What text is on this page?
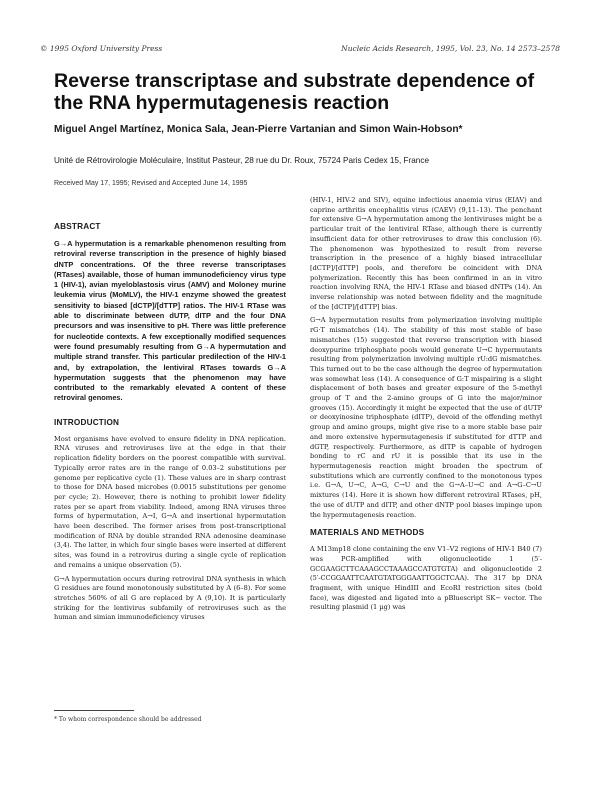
© 1995 Oxford University Press	Nucleic Acids Research, 1995, Vol. 23, No. 14 2573–2578
Reverse transcriptase and substrate dependence of the RNA hypermutagenesis reaction
Miguel Angel Martínez, Monica Sala, Jean-Pierre Vartanian and Simon Wain-Hobson*
Unité de Rétrovirologie Moléculaire, Institut Pasteur, 28 rue du Dr. Roux, 75724 Paris Cedex 15, France
Received May 17, 1995; Revised and Accepted June 14, 1995
ABSTRACT

G→A hypermutation is a remarkable phenomenon resulting from retroviral reverse transcription in the presence of highly biased dNTP concentrations. Of the three reverse transcriptases (RTases) available, those of human immunodeficiency virus type 1 (HIV-1), avian myeloblastosis virus (AMV) and Moloney murine leukemia virus (MoMLV), the HIV-1 enzyme showed the greatest sensitivity to biased [dCTP]/[dTTP] ratios. The HIV-1 RTase was able to discriminate between dUTP, dITP and the four DNA precursors and was insensitive to pH. There was little preference for nucleotide contexts. A few exceptionally modified sequences were found presumably resulting from G→A hypermutation and multiple strand transfer. This particular predilection of the HIV-1 and, by extrapolation, the lentiviral RTases towards G→A hypermutation suggests that the phenomenon may have contributed to the remarkably elevated A content of these retroviral genomes.

INTRODUCTION

Most organisms have evolved to ensure fidelity in DNA replication. RNA viruses and retroviruses live at the edge in that their replication fidelity borders on the poorest compatible with survival. Typically error rates are in the range of 0.03–2 substitutions per genome per replicative cycle (1). These values are in sharp contrast to those for DNA based microbes (0.0015 substitutions per genome per cycle; 2). However, there is nothing to prohibit lower fidelity rates per se apart from viability. Indeed, among RNA viruses three forms of hypermutation, A→I, G→A and insertional hypermutation have been described. The former arises from post-transcriptional modification of RNA by double stranded RNA adenosine deaminase (3,4). The latter, in which four single bases were inserted at different sites, was found in a retrovirus during a single cycle of replication and remains a unique observation (5).

G→A hypermutation occurs during retroviral DNA synthesis in which G residues are found monotonously substituted by A (6–8). For some stretches 560% of all G are replaced by A (9,10). It is particularly striking for the lentivirus subfamily of retroviruses such as the human and simian immunodeficiency viruses

(HIV-1, HIV-2 and SIV), equine infectious anaemia virus (EIAV) and caprine arthritis encephalitis virus (CAEV) (9,11–13). The penchant for extensive G→A hypermutation among the lentiviruses might be a particular trait of the lentiviral RTase, although there is currently insufficient data for other retroviruses to draw this conclusion (6). The phenomenon was hypothesized to result from reverse transcription in the presence of a highly biased intracellular [dCTP]/[dTTP] pools, and therefore be coincident with DNA polymerization. Recently this has been confirmed in an in vitro reaction involving RNA, the HIV-1 RTase and biased dNTPs (14). An inverse relationship was noted between fidelity and the magnitude of the [dCTP]/[dTTP] bias.

G→A hypermutation results from polymerization involving multiple rG·T mismatches (14). The stability of this most stable of base mismatches (15) suggested that reverse transcription with biased deoxypurine triphosphate pools would generate U→C hypermutants resulting from polymerization involving multiple rU:dG mismatches. This turned out to be the case although the degree of hypermutation was somewhat less (14). A consequence of G:T mispairing is a slight displacement of both bases and greater exposure of the 5-methyl group of T and the 2-amino groups of G into the major/minor grooves (15). Accordingly it might be expected that the use of dUTP or deoxyinosine triphosphate (dITP), devoid of the offending methyl group and amino groups, might give rise to a more stable base pair and more extensive hypermutagenesis if substituted for dTTP and dGTP, respectively. Furthermore, as dITP is capable of hydrogen bonding to rC and rU it is possible that its use in the hypermutagenesis reaction might broaden the spectrum of substitutions which are currently confined to the monotonous types i.e. G→A, U→C, A→G, C→U and the G→A–U→C and A→G–C→U mixtures (14). Here it is shown how different retroviral RTases, pH, the use of dUTP and dITP, and other dNTP pool biases impinge upon the hypermutagenesis reaction.

MATERIALS AND METHODS

A M13mp18 clone containing the env V1–V2 regions of HIV-1 B40 (7) was PCR-amplified with oligonucleotide 1 (5′-GCGAAGCTTCAAAGCCTAAAGCCATGTGTA) and oligonucleotide 2 (5′-CCGGAATTCAATGTATGGGAATTGGCTCAA). The 317 bp DNA fragment, with unique HindIII and EcoRI restriction sites (bold face), was digested and ligated into a pBluescript SK− vector. The resulting plasmid (1 µg) was

* To whom correspondence should be addressed
